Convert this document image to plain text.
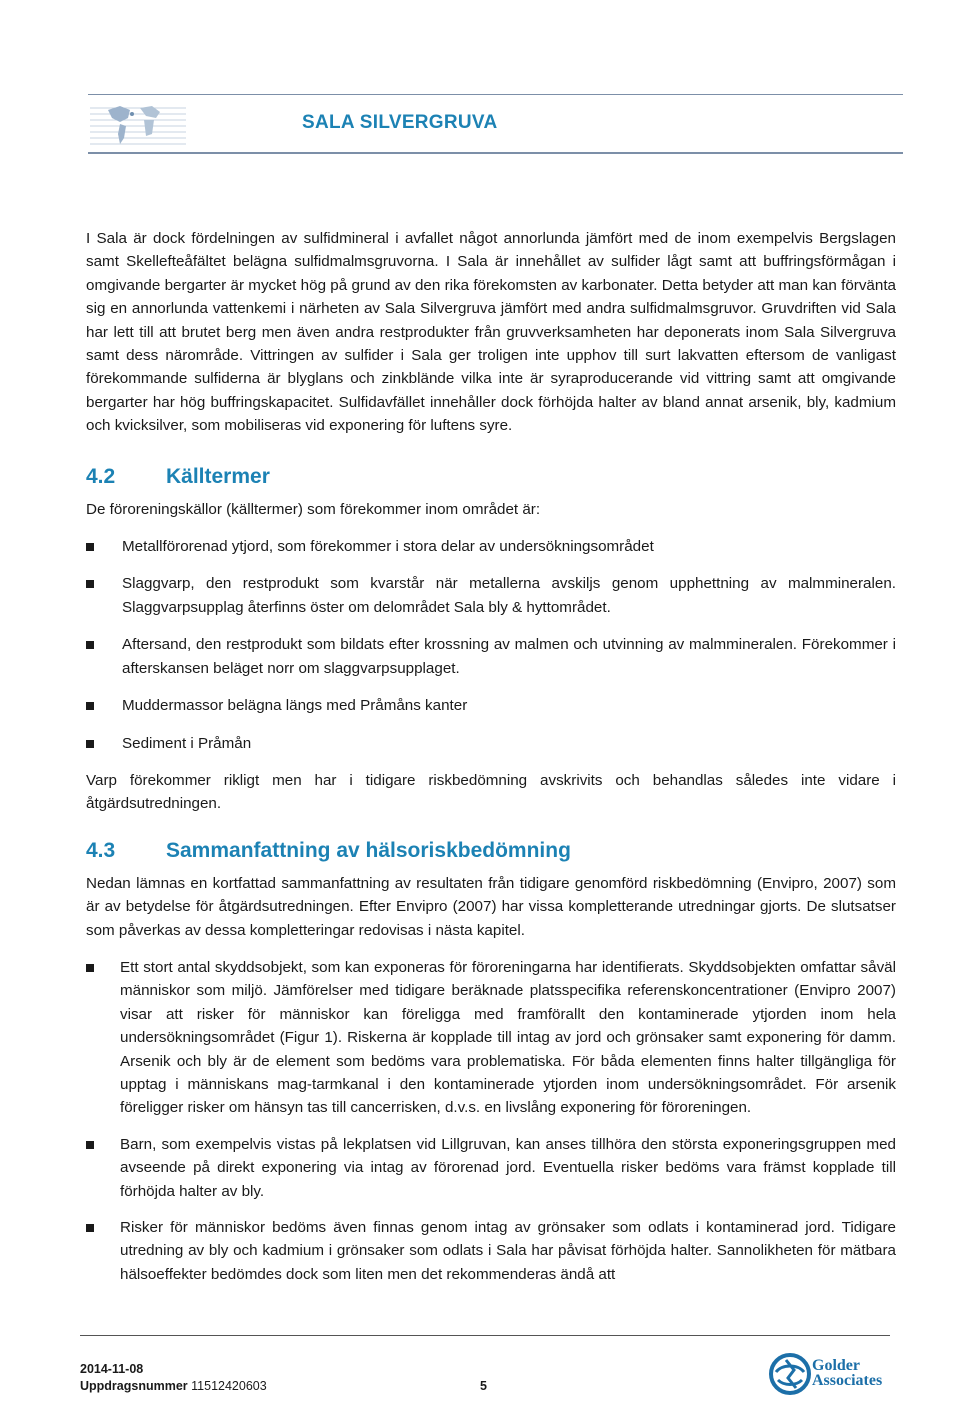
SALA SILVERGRUVA

I Sala är dock fördelningen av sulfidmineral i avfallet något annorlunda jämfört med de inom exempelvis Bergslagen samt Skellefteåfältet belägna sulfidmalmsgruvorna. I Sala är innehållet av sulfider lågt samt att buffringsförmågan i omgivande bergarter är mycket hög på grund av den rika förekomsten av karbonater. Detta betyder att man kan förvänta sig en annorlunda vattenkemi i närheten av Sala Silvergruva jämfört med andra sulfidmalmsgruvor. Gruvdriften vid Sala har lett till att brutet berg men även andra restprodukter från gruvverksamheten har deponerats inom Sala Silvergruva samt dess närområde. Vittringen av sulfider i Sala ger troligen inte upphov till surt lakvatten eftersom de vanligast förekommande sulfiderna är blyglans och zinkblände vilka inte är syraproducerande vid vittring samt att omgivande bergarter har hög buffringskapacitet. Sulfidavfället innehåller dock förhöjda halter av bland annat arsenik, bly, kadmium och kvicksilver, som mobiliseras vid exponering för luftens syre.

4.2 Källtermer

De föroreningskällor (källtermer) som förekommer inom området är:

Metallförorenad ytjord, som förekommer i stora delar av undersökningsområdet
Slaggvarp, den restprodukt som kvarstår när metallerna avskiljs genom upphettning av malmmineralen. Slaggvarpsupplag återfinns öster om delområdet Sala bly & hyttområdet.
Aftersand, den restprodukt som bildats efter krossning av malmen och utvinning av malmmineralen. Förekommer i afterskansen beläget norr om slaggvarpsupplaget.
Muddermassor belägna längs med Pråmåns kanter
Sediment i Pråmån

Varp förekommer rikligt men har i tidigare riskbedömning avskrivits och behandlas således inte vidare i åtgärdsutredningen.

4.3 Sammanfattning av hälsoriskbedömning

Nedan lämnas en kortfattad sammanfattning av resultaten från tidigare genomförd riskbedömning (Envipro, 2007) som är av betydelse för åtgärdsutredningen. Efter Envipro (2007) har vissa kompletterande utredningar gjorts. De slutsatser som påverkas av dessa kompletteringar redovisas i nästa kapitel.

Ett stort antal skyddsobjekt, som kan exponeras för föroreningarna har identifierats. Skyddsobjekten omfattar såväl människor som miljö. Jämförelser med tidigare beräknade platsspecifika referenskoncentrationer (Envipro 2007) visar att risker för människor kan föreligga med framförallt den kontaminerade ytjorden inom hela undersökningsområdet (Figur 1). Riskerna är kopplade till intag av jord och grönsaker samt exponering för damm. Arsenik och bly är de element som bedöms vara problematiska. För båda elementen finns halter tillgängliga för upptag i människans mag-tarmkanal i den kontaminerade ytjorden inom undersökningsområdet. För arsenik föreligger risker om hänsyn tas till cancerrisken, d.v.s. en livslång exponering för föroreningen.
Barn, som exempelvis vistas på lekplatsen vid Lillgruvan, kan anses tillhöra den största exponeringsgruppen med avseende på direkt exponering via intag av förorenad jord. Eventuella risker bedöms vara främst kopplade till förhöjda halter av bly.
Risker för människor bedöms även finnas genom intag av grönsaker som odlats i kontaminerad jord. Tidigare utredning av bly och kadmium i grönsaker som odlats i Sala har påvisat förhöjda halter. Sannolikheten för mätbara hälsoeffekter bedömdes dock som liten men det rekommenderas ändå att
2014-11-08
Uppdragsnummer 11512420603	5
Golder
Associates
